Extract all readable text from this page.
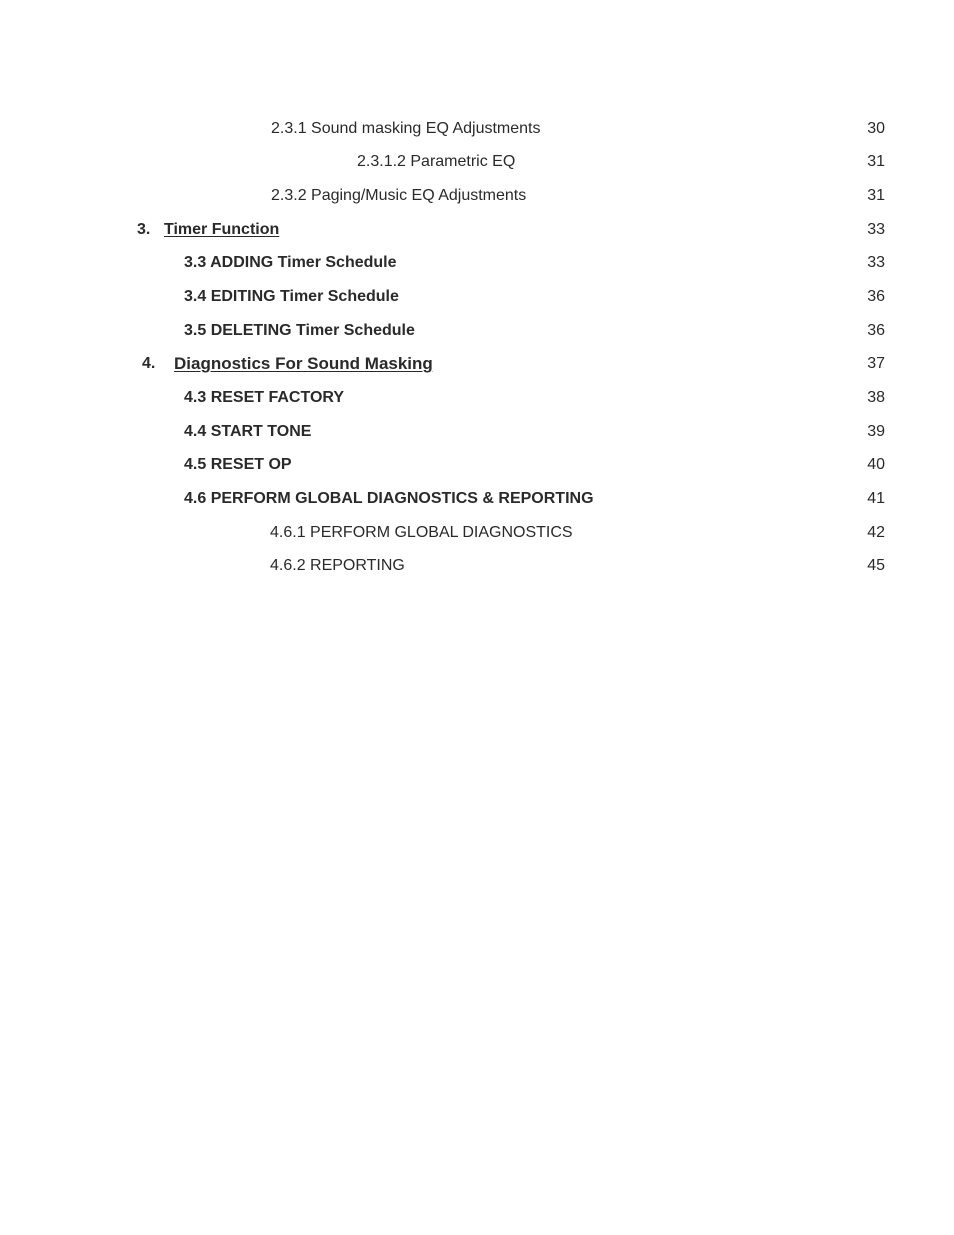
2.3.1 Sound masking EQ Adjustments	30
2.3.1.2 Parametric EQ	31
2.3.2 Paging/Music EQ Adjustments	31
3. Timer Function	33
3.3 ADDING Timer Schedule	33
3.4 EDITING Timer Schedule	36
3.5 DELETING Timer Schedule	36
4. Diagnostics For Sound Masking	37
4.3 RESET FACTORY	38
4.4 START TONE	39
4.5 RESET OP	40
4.6 PERFORM GLOBAL DIAGNOSTICS & REPORTING	41
4.6.1 PERFORM GLOBAL DIAGNOSTICS	42
4.6.2 REPORTING	45
